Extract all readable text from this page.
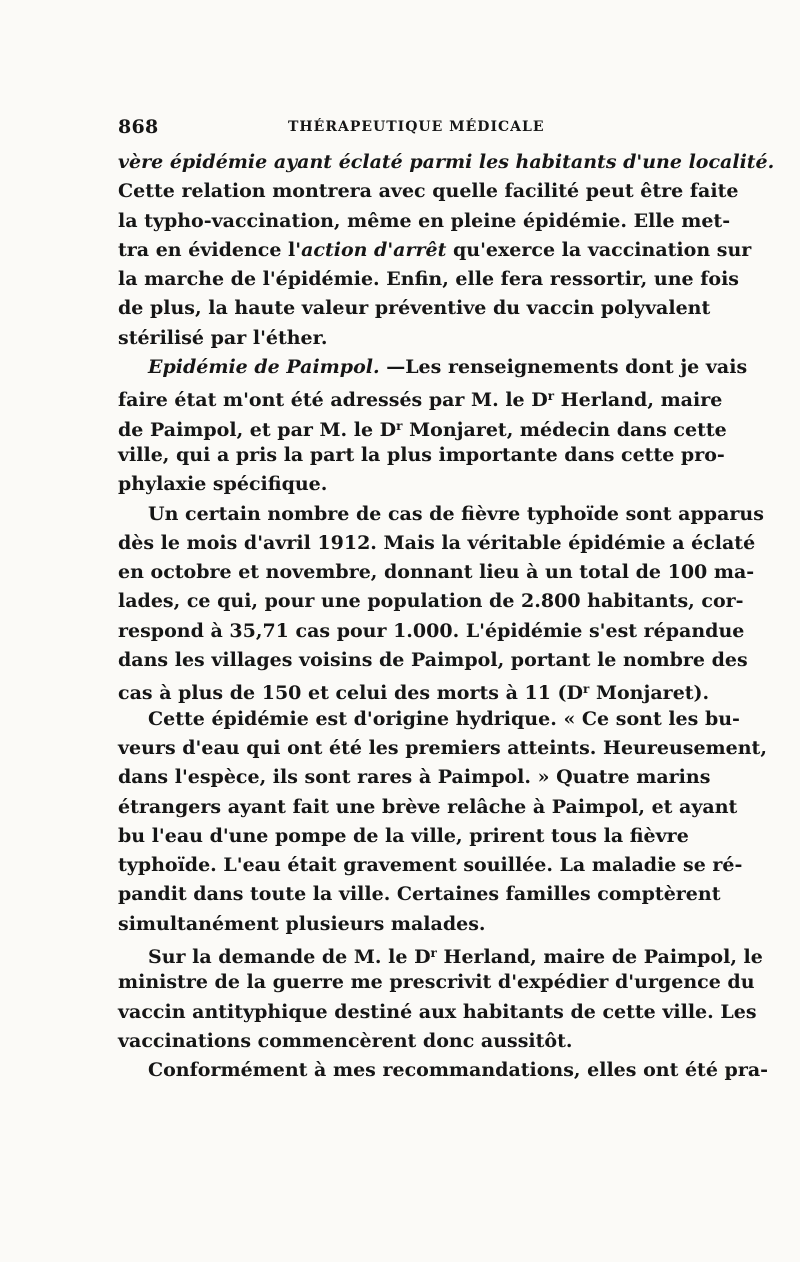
868	THÉRAPEUTIQUE MÉDICALE
vère épidémie ayant éclaté parmi les habitants d'une localité.
Cette relation montrera avec quelle facilité peut être faite
la typho-vaccination, même en pleine épidémie. Elle met-
tra en évidence l'action d'arrêt qu'exerce la vaccination sur
la marche de l'épidémie. Enfin, elle fera ressortir, une fois
de plus, la haute valeur préventive du vaccin polyvalent
stérilisé par l'éther.
Epidémie de Paimpol. —Les renseignements dont je vais
faire état m'ont été adressés par M. le $D^r$ Herland, maire
de Paimpol, et par M. le $D^r$ Monjaret, médecin dans cette
ville, qui a pris la part la plus importante dans cette pro-
phylaxie spécifique.
Un certain nombre de cas de fièvre typhoïde sont apparus
dès le mois d'avril 1912. Mais la véritable épidémie a éclaté
en octobre et novembre, donnant lieu à un total de 100 ma-
lades, ce qui, pour une population de 2.800 habitants, cor-
respond à 35,71 cas pour 1.000. L'épidémie s'est répandue
dans les villages voisins de Paimpol, portant le nombre des
cas à plus de 150 et celui des morts à 11 ($D^r$ Monjaret).
Cette épidémie est d'origine hydrique. « Ce sont les bu-
veurs d'eau qui ont été les premiers atteints. Heureusement,
dans l'espèce, ils sont rares à Paimpol. » Quatre marins
étrangers ayant fait une brève relâche à Paimpol, et ayant
bu l'eau d'une pompe de la ville, prirent tous la fièvre
typhoïde. L'eau était gravement souillée. La maladie se ré-
pandit dans toute la ville. Certaines familles comptèrent
simultanément plusieurs malades.
Sur la demande de M. le $D^r$ Herland, maire de Paimpol, le
ministre de la guerre me prescrivit d'expédier d'urgence du
vaccin antityphique destiné aux habitants de cette ville. Les
vaccinations commencèrent donc aussitôt.
Conformément à mes recommandations, elles ont été pra-
